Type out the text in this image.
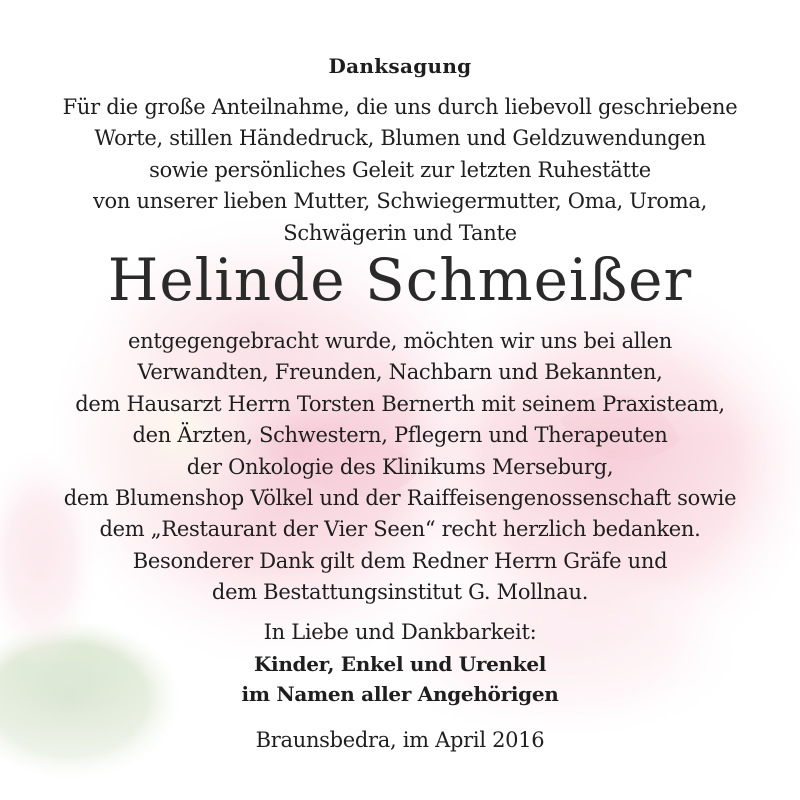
Danksagung
Für die große Anteilnahme, die uns durch liebevoll geschriebene
Worte, stillen Händedruck, Blumen und Geldzuwendungen
sowie persönliches Geleit zur letzten Ruhestätte
von unserer lieben Mutter, Schwiegermutter, Oma, Uroma,
Schwägerin und Tante
Helinde Schmeißer
entgegengebracht wurde, möchten wir uns bei allen
Verwandten, Freunden, Nachbarn und Bekannten,
dem Hausarzt Herrn Torsten Bernerth mit seinem Praxisteam,
den Ärzten, Schwestern, Pflegern und Therapeuten
der Onkologie des Klinikums Merseburg,
dem Blumenshop Völkel und der Raiffeisengenossenschaft sowie
dem „Restaurant der Vier Seen“ recht herzlich bedanken.
Besonderer Dank gilt dem Redner Herrn Gräfe und
dem Bestattungsinstitut G. Mollnau.
In Liebe und Dankbarkeit:
Kinder, Enkel und Urenkel
im Namen aller Angehörigen
Braunsbedra, im April 2016
